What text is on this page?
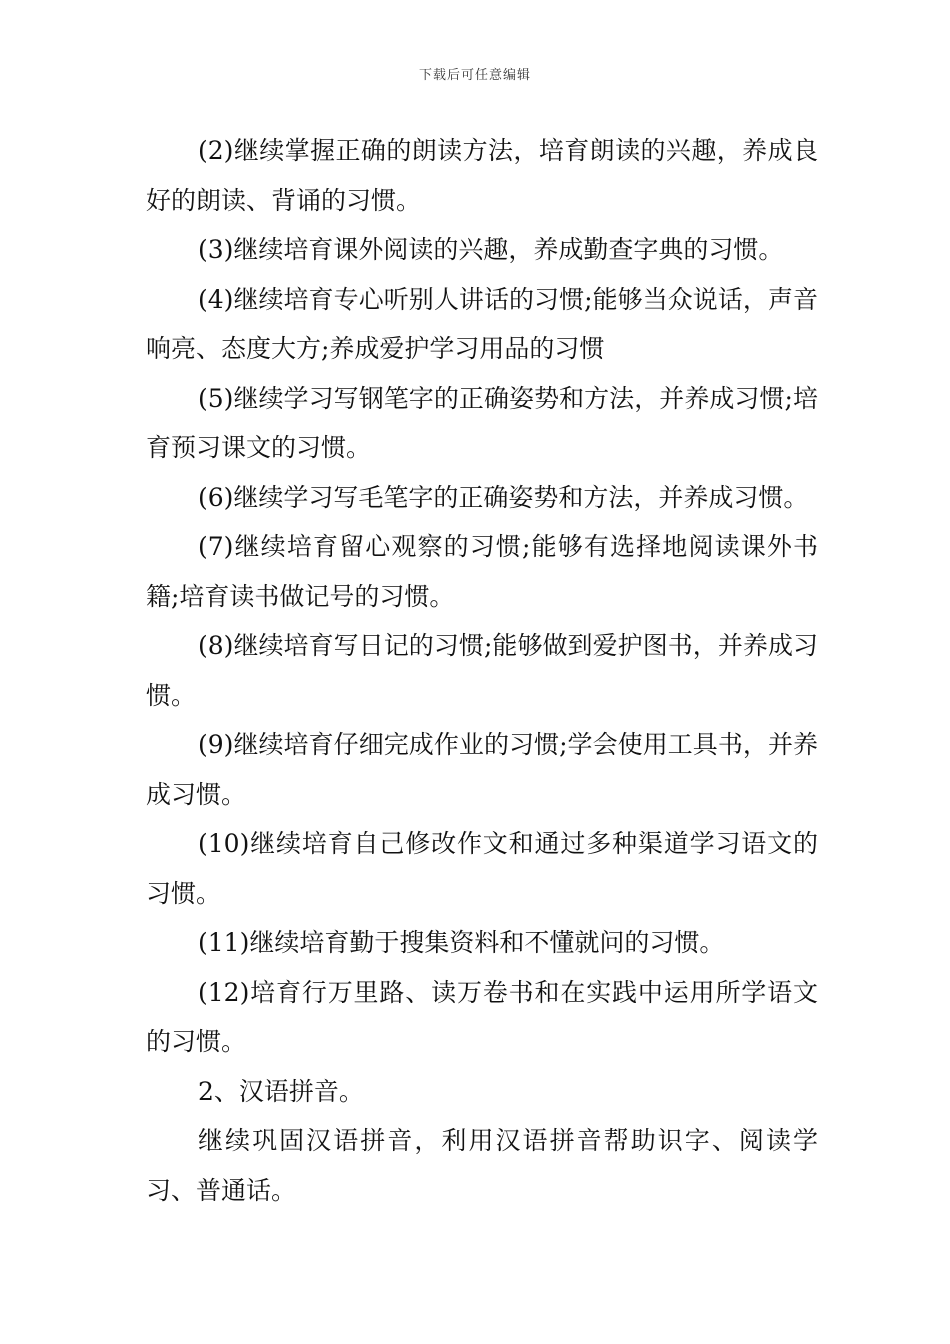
下载后可任意编辑

(2)继续掌握正确的朗读方法，培育朗读的兴趣，养成良好的朗读、背诵的习惯。

(3)继续培育课外阅读的兴趣，养成勤查字典的习惯。

(4)继续培育专心听别人讲话的习惯;能够当众说话，声音响亮、态度大方;养成爱护学习用品的习惯

(5)继续学习写钢笔字的正确姿势和方法，并养成习惯;培育预习课文的习惯。

(6)继续学习写毛笔字的正确姿势和方法，并养成习惯。

(7)继续培育留心观察的习惯;能够有选择地阅读课外书籍;培育读书做记号的习惯。

(8)继续培育写日记的习惯;能够做到爱护图书，并养成习惯。

(9)继续培育仔细完成作业的习惯;学会使用工具书，并养成习惯。

(10)继续培育自己修改作文和通过多种渠道学习语文的习惯。

(11)继续培育勤于搜集资料和不懂就问的习惯。

(12)培育行万里路、读万卷书和在实践中运用所学语文的习惯。

2、汉语拼音。

继续巩固汉语拼音，利用汉语拼音帮助识字、阅读学习、普通话。
